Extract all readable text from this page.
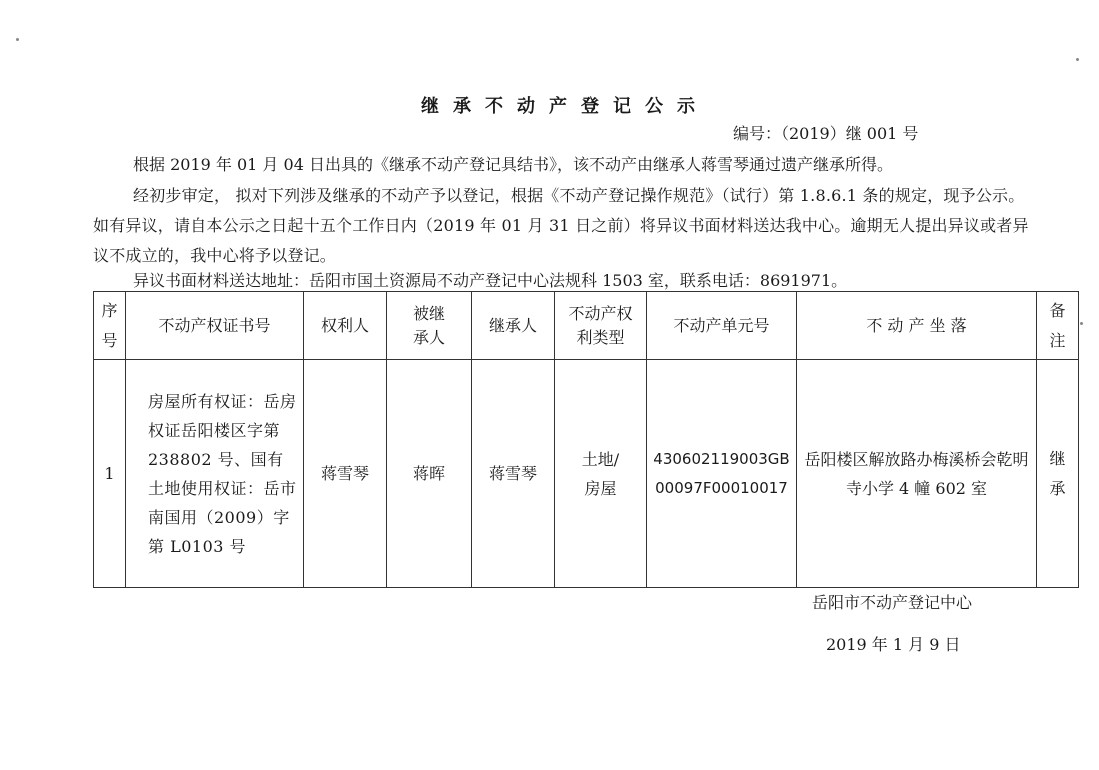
继承不动产登记公示
编号：（2019）继 001 号
根据 2019 年 01 月 04 日出具的《继承不动产登记具结书》，该不动产由继承人蒋雪琴通过遗产继承所得。
经初步审定， 拟对下列涉及继承的不动产予以登记，根据《不动产登记操作规范》（试行）第 1.8.6.1 条的规定，现予公示。如有异议，请自本公示之日起十五个工作日内（2019 年 01 月 31 日之前）将异议书面材料送达我中心。逾期无人提出异议或者异议不成立的，我中心将予以登记。
异议书面材料送达地址：岳阳市国土资源局不动产登记中心法规科 1503 室，联系电话：8691971。
序号	不动产权证书号	权利人	被继承人	继承人	不动产权利类型	不动产单元号	不 动 产 坐 落	备注
1	房屋所有权证：岳房权证岳阳楼区字第 238802 号、国有土地使用权证：岳市南国用（2009）字第 L0103 号	蒋雪琴	蒋晖	蒋雪琴	土地/房屋	430602119003GB00097F00010017	岳阳楼区解放路办梅溪桥会乾明寺小学 4 幢 602 室	继承
岳阳市不动产登记中心
2019 年 1 月 9 日
